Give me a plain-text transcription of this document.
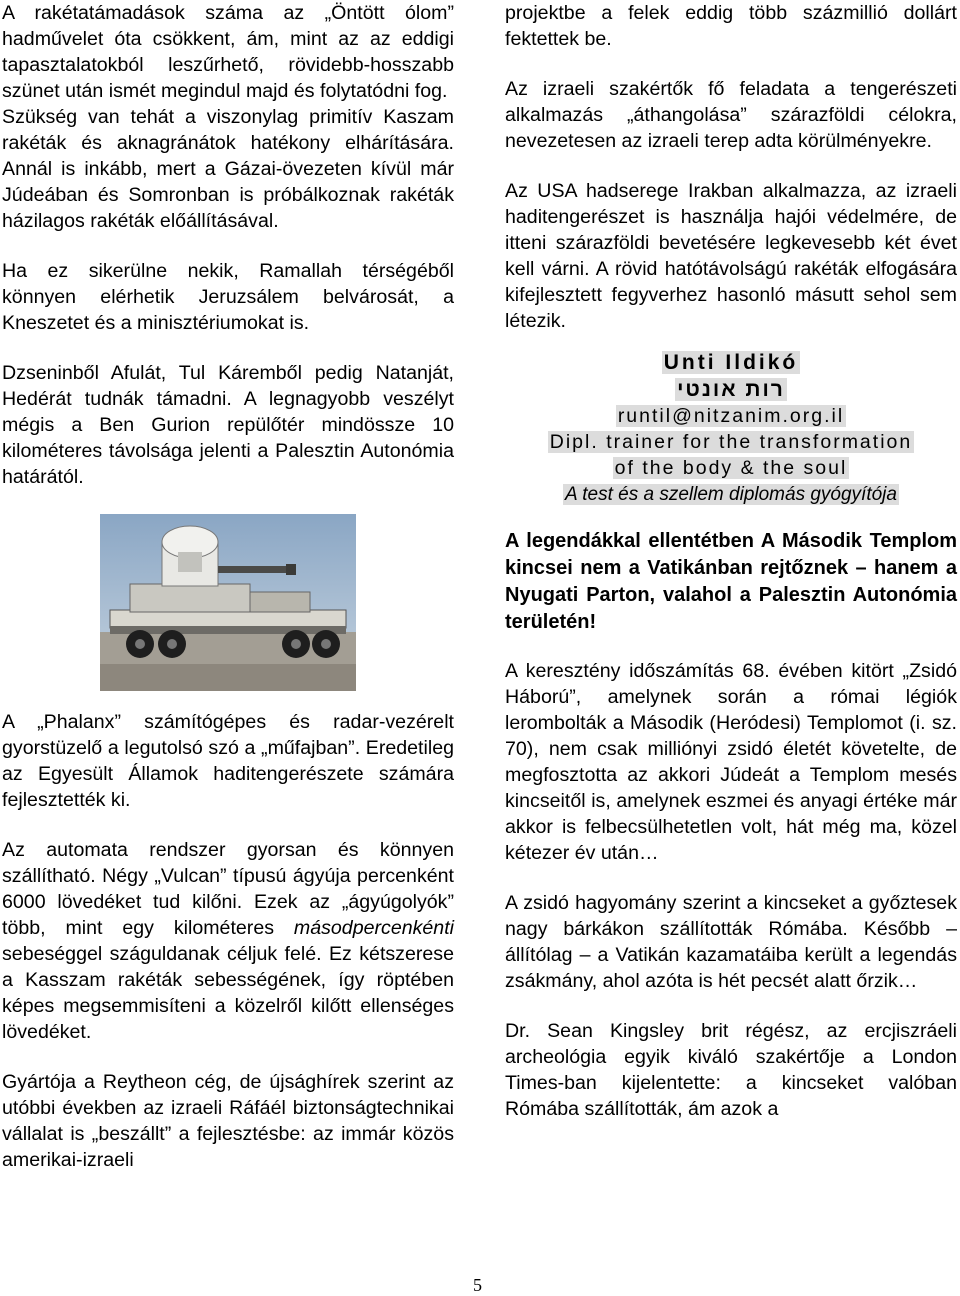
A rakétatámadások száma az „Öntött ólom” hadművelet óta csökkent, ám, mint az az eddigi tapasztalatokból leszűrhető, rövidebb-hosszabb szünet után ismét megindul majd és folytatódni fog.

Szükség van tehát a viszonylag primitív Kaszam rakéták és aknagránátok hatékony elhárítására. Annál is inkább, mert a Gázai-övezeten kívül már Júdeában és Somronban is próbálkoznak rakéták házilagos rakéták előállításával.

Ha ez sikerülne nekik, Ramallah térségéből könnyen elérhetik Jeruzsálem belvárosát, a Kneszetet és a minisztériumokat is.

Dzseninből Afulát, Tul Káremből pedig Natanját, Hedérát tudnák támadni. A legnagyobb veszélyt mégis a Ben Gurion repülőtér mindössze 10 kilométeres távolsága jelenti a Palesztin Autonómia határától.

A „Phalanx” számítógépes és radar-vezérelt gyorstüzelő a legutolsó szó a „műfajban”. Eredetileg az Egyesült Államok haditengerészete számára fejlesztették ki.

Az automata rendszer gyorsan és könnyen szállítható. Négy „Vulcan” típusú ágyúja percenként 6000 lövedéket tud kilőni. Ezek az „ágyúgolyók” több, mint egy kilométeres másodpercenkénti sebeséggel száguldanak céljuk felé. Ez kétszerese a Kasszam rakéták sebességének, így röptében képes megsemmisíteni a közelről kilőtt ellenséges lövedéket.

Gyártója a Reytheon cég, de újsághírek szerint az utóbbi években az izraeli Ráfáél biztonságtechnikai vállalat is „beszállt” a fejlesztésbe: az immár közös amerikai-izraeli

projektbe a felek eddig több százmillió dollárt fektettek be.

Az izraeli szakértők fő feladata a tengerészeti alkalmazás „áthangolása” szárazföldi célokra, nevezetesen az izraeli terep adta körülményekre.

Az USA hadserege Irakban alkalmazza, az izraeli haditengerészet is használja hajói védelmére, de itteni szárazföldi bevetésére legkevesebb két évet kell várni. A rövid hatótávolságú rakéták elfogására kifejlesztett fegyverhez hasonló másutt sehol sem létezik.

Unti Ildikó
רות אונטי
runtil@nitzanim.org.il
Dipl. trainer for the transformation
of the body & the soul
A test és a szellem diplomás gyógyítója
A legendákkal ellentétben A Második Templom kincsei nem a Vatikánban rejtőznek – hanem a Nyugati Parton, valahol a Palesztin Autonómia területén!

A keresztény időszámítás 68. évében kitört „Zsidó Háború”, amelynek során a római légiók lerombolták a Második (Heródesi) Templomot (i. sz. 70), nem csak milliónyi zsidó életét követelte, de megfosztotta az akkori Júdeát a Templom mesés kincseitől is, amelynek eszmei és anyagi értéke már akkor is felbecsülhetetlen volt, hát még ma, közel kétezer év után…

A zsidó hagyomány szerint a kincseket a győztesek nagy bárkákon szállították Rómába. Később – állítólag – a Vatikán kazamatáiba került a legendás zsákmány, ahol azóta is hét pecsét alatt őrzik…

Dr. Sean Kingsley brit régész, az ercjiszráeli archeológia egyik kiváló szakértője a London Times-ban kijelentette: a kincseket valóban Rómába szállították, ám azok a

5
